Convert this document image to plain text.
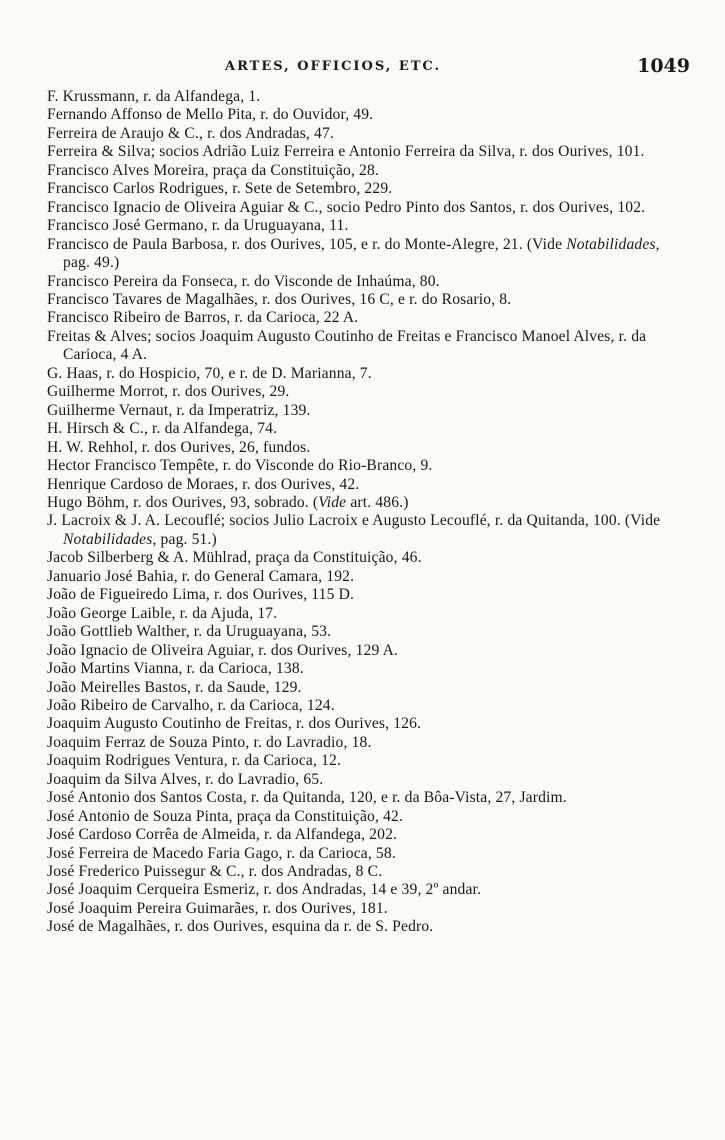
ARTES, OFFICIOS, ETC.	1049

F. Krussmann, r. da Alfandega, 1.

Fernando Affonso de Mello Pita, r. do Ouvidor, 49.

Ferreira de Araujo & C., r. dos Andradas, 47.

Ferreira & Silva; socios Adrião Luiz Ferreira e Antonio Ferreira da Silva, r. dos Ourives, 101.

Francisco Alves Moreira, praça da Constituição, 28.

Francisco Carlos Rodrigues, r. Sete de Setembro, 229.

Francisco Ignacio de Oliveira Aguiar & C., socio Pedro Pinto dos Santos, r. dos Ourives, 102.

Francisco José Germano, r. da Uruguayana, 11.

Francisco de Paula Barbosa, r. dos Ourives, 105, e r. do Monte-Alegre, 21. (Vide Notabilidades, pag. 49.)

Francisco Pereira da Fonseca, r. do Visconde de Inhaúma, 80.

Francisco Tavares de Magalhães, r. dos Ourives, 16 C, e r. do Rosario, 8.

Francisco Ribeiro de Barros, r. da Carioca, 22 A.

Freitas & Alves; socios Joaquim Augusto Coutinho de Freitas e Francisco Manoel Alves, r. da Carioca, 4 A.

G. Haas, r. do Hospicio, 70, e r. de D. Marianna, 7.

Guilherme Morrot, r. dos Ourives, 29.

Guilherme Vernaut, r. da Imperatriz, 139.

H. Hirsch & C., r. da Alfandega, 74.

H. W. Rehhol, r. dos Ourives, 26, fundos.

Hector Francisco Tempête, r. do Visconde do Rio-Branco, 9.

Henrique Cardoso de Moraes, r. dos Ourives, 42.

Hugo Böhm, r. dos Ourives, 93, sobrado. (Vide art. 486.)

J. Lacroix & J. A. Lecouflé; socios Julio Lacroix e Augusto Lecouflé, r. da Quitanda, 100. (Vide Notabilidades, pag. 51.)

Jacob Silberberg & A. Mühlrad, praça da Constituição, 46.

Januario José Bahia, r. do General Camara, 192.

João de Figueiredo Lima, r. dos Ourives, 115 D.

João George Laible, r. da Ajuda, 17.

João Gottlieb Walther, r. da Uruguayana, 53.

João Ignacio de Oliveira Aguiar, r. dos Ourives, 129 A.

João Martins Vianna, r. da Carioca, 138.

João Meirelles Bastos, r. da Saude, 129.

João Ribeiro de Carvalho, r. da Carioca, 124.

Joaquim Augusto Coutinho de Freitas, r. dos Ourives, 126.

Joaquim Ferraz de Souza Pinto, r. do Lavradio, 18.

Joaquim Rodrigues Ventura, r. da Carioca, 12.

Joaquim da Silva Alves, r. do Lavradio, 65.

José Antonio dos Santos Costa, r. da Quitanda, 120, e r. da Bôa-Vista, 27, Jardim.

José Antonio de Souza Pinta, praça da Constituição, 42.

José Cardoso Corrêa de Almeida, r. da Alfandega, 202.

José Ferreira de Macedo Faria Gago, r. da Carioca, 58.

José Frederico Puissegur & C., r. dos Andradas, 8 C.

José Joaquim Cerqueira Esmeriz, r. dos Andradas, 14 e 39, 2º andar.

José Joaquim Pereira Guimarães, r. dos Ourives, 181.

José de Magalhães, r. dos Ourives, esquina da r. de S. Pedro.
